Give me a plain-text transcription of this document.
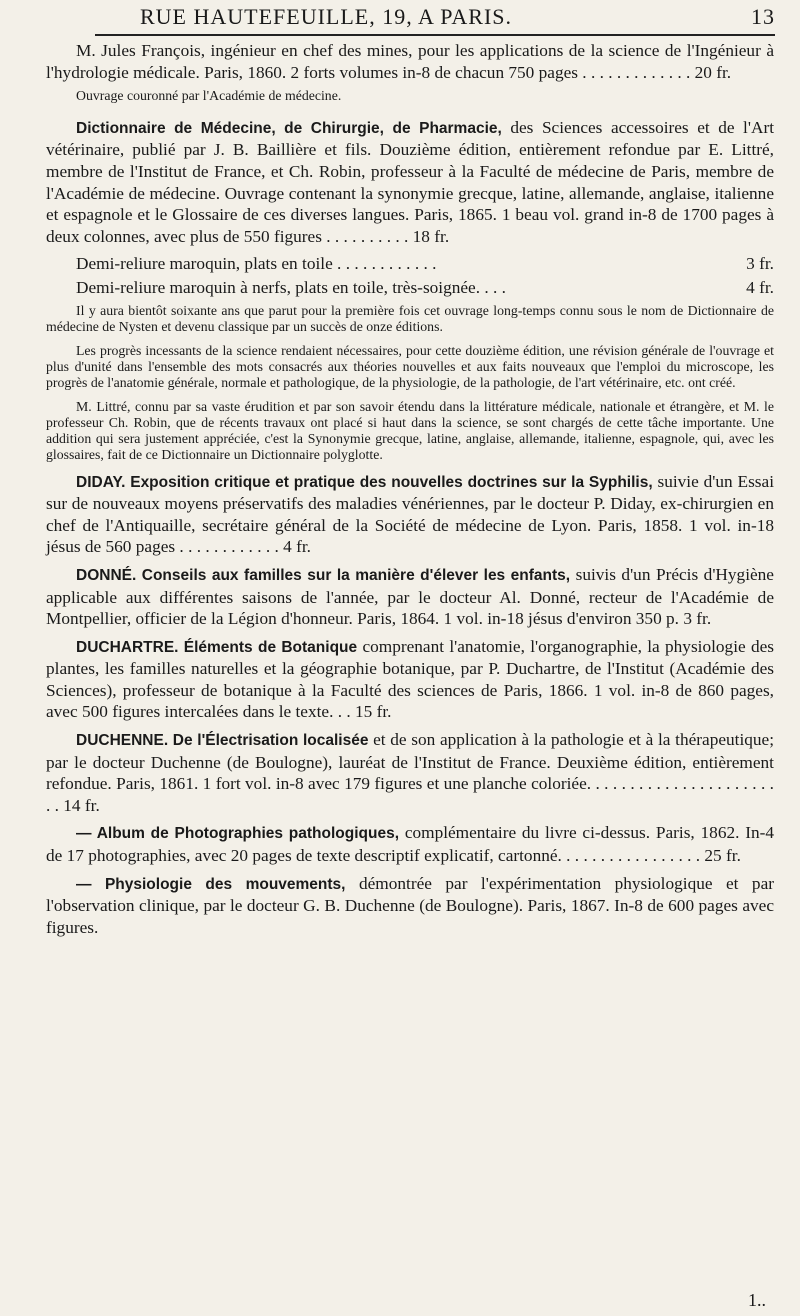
RUE HAUTEFEUILLE, 19, A PARIS.	13

M. Jules François, ingénieur en chef des mines, pour les applications de la science de l'Ingénieur à l'hydrologie médicale. Paris, 1860. 2 forts volumes in-8 de chacun 750 pages . . . . . . . . . . . . . 20 fr.

Ouvrage couronné par l'Académie de médecine.

Dictionnaire de Médecine, de Chirurgie, de Pharmacie, des Sciences accessoires et de l'Art vétérinaire, publié par J. B. Baillière et fils. Douzième édition, entièrement refondue par E. Littré, membre de l'Institut de France, et Ch. Robin, professeur à la Faculté de médecine de Paris, membre de l'Académie de médecine. Ouvrage contenant la synonymie grecque, latine, allemande, anglaise, italienne et espagnole et le Glossaire de ces diverses langues. Paris, 1865. 1 beau vol. grand in-8 de 1700 pages à deux colonnes, avec plus de 550 figures . . . . . . . . . . 18 fr.

Demi-reliure maroquin, plats en toile . . . . . . . . . . . .	3 fr.
Demi-reliure maroquin à nerfs, plats en toile, très-soignée. . . .	4 fr.

Il y aura bientôt soixante ans que parut pour la première fois cet ouvrage long-temps connu sous le nom de Dictionnaire de médecine de Nysten et devenu classique par un succès de onze éditions.

Les progrès incessants de la science rendaient nécessaires, pour cette douzième édition, une révision générale de l'ouvrage et plus d'unité dans l'ensemble des mots consacrés aux théories nouvelles et aux faits nouveaux que l'emploi du microscope, les progrès de l'anatomie générale, normale et pathologique, de la physiologie, de la pathologie, de l'art vétérinaire, etc. ont créé.

M. Littré, connu par sa vaste érudition et par son savoir étendu dans la littérature médicale, nationale et étrangère, et M. le professeur Ch. Robin, que de récents travaux ont placé si haut dans la science, se sont chargés de cette tâche importante. Une addition qui sera justement appréciée, c'est la Synonymie grecque, latine, anglaise, allemande, italienne, espagnole, qui, avec les glossaires, fait de ce Dictionnaire un Dictionnaire polyglotte.

DIDAY. Exposition critique et pratique des nouvelles doctrines sur la Syphilis, suivie d'un Essai sur de nouveaux moyens préservatifs des maladies vénériennes, par le docteur P. Diday, ex-chirurgien en chef de l'Antiquaille, secrétaire général de la Société de médecine de Lyon. Paris, 1858. 1 vol. in-18 jésus de 560 pages . . . . . . . . . . . . 4 fr.

DONNÉ. Conseils aux familles sur la manière d'élever les enfants, suivis d'un Précis d'Hygiène applicable aux différentes saisons de l'année, par le docteur Al. Donné, recteur de l'Académie de Montpellier, officier de la Légion d'honneur. Paris, 1864. 1 vol. in-18 jésus d'environ 350 p. 3 fr.

DUCHARTRE. Éléments de Botanique comprenant l'anatomie, l'organographie, la physiologie des plantes, les familles naturelles et la géographie botanique, par P. Duchartre, de l'Institut (Académie des Sciences), professeur de botanique à la Faculté des sciences de Paris, 1866. 1 vol. in-8 de 860 pages, avec 500 figures intercalées dans le texte. . . 15 fr.

DUCHENNE. De l'Électrisation localisée et de son application à la pathologie et à la thérapeutique; par le docteur Duchenne (de Boulogne), lauréat de l'Institut de France. Deuxième édition, entièrement refondue. Paris, 1861. 1 fort vol. in-8 avec 179 figures et une planche coloriée. . . . . . . . . . . . . . . . . . . . . . . . 14 fr.

— Album de Photographies pathologiques, complémentaire du livre ci-dessus. Paris, 1862. In-4 de 17 photographies, avec 20 pages de texte descriptif explicatif, cartonné. . . . . . . . . . . . . . . . . 25 fr.

— Physiologie des mouvements, démontrée par l'expérimentation physiologique et par l'observation clinique, par le docteur G. B. Duchenne (de Boulogne). Paris, 1867. In-8 de 600 pages avec figures.

1..
